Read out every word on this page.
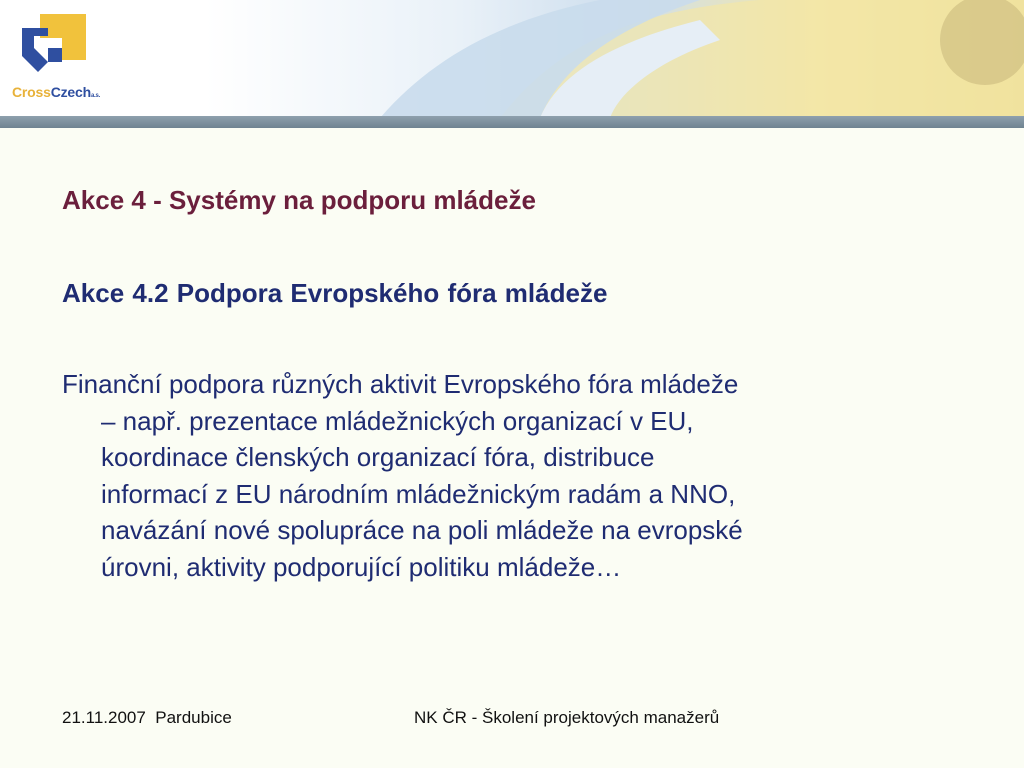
CrossCzecha.s.
Akce 4 - Systémy na podporu mládeže
Akce 4.2 Podpora Evropského fóra mládeže
Finanční podpora různých aktivit Evropského fóra mládeže
– např. prezentace mládežnických organizací v EU,
koordinace členských organizací fóra, distribuce
informací z EU národním mládežnickým radám a NNO,
navázání nové spolupráce na poli mládeže na evropské
úrovni, aktivity podporující politiku mládeže…
21.11.2007  Pardubice	NK ČR - Školení projektových manažerů
